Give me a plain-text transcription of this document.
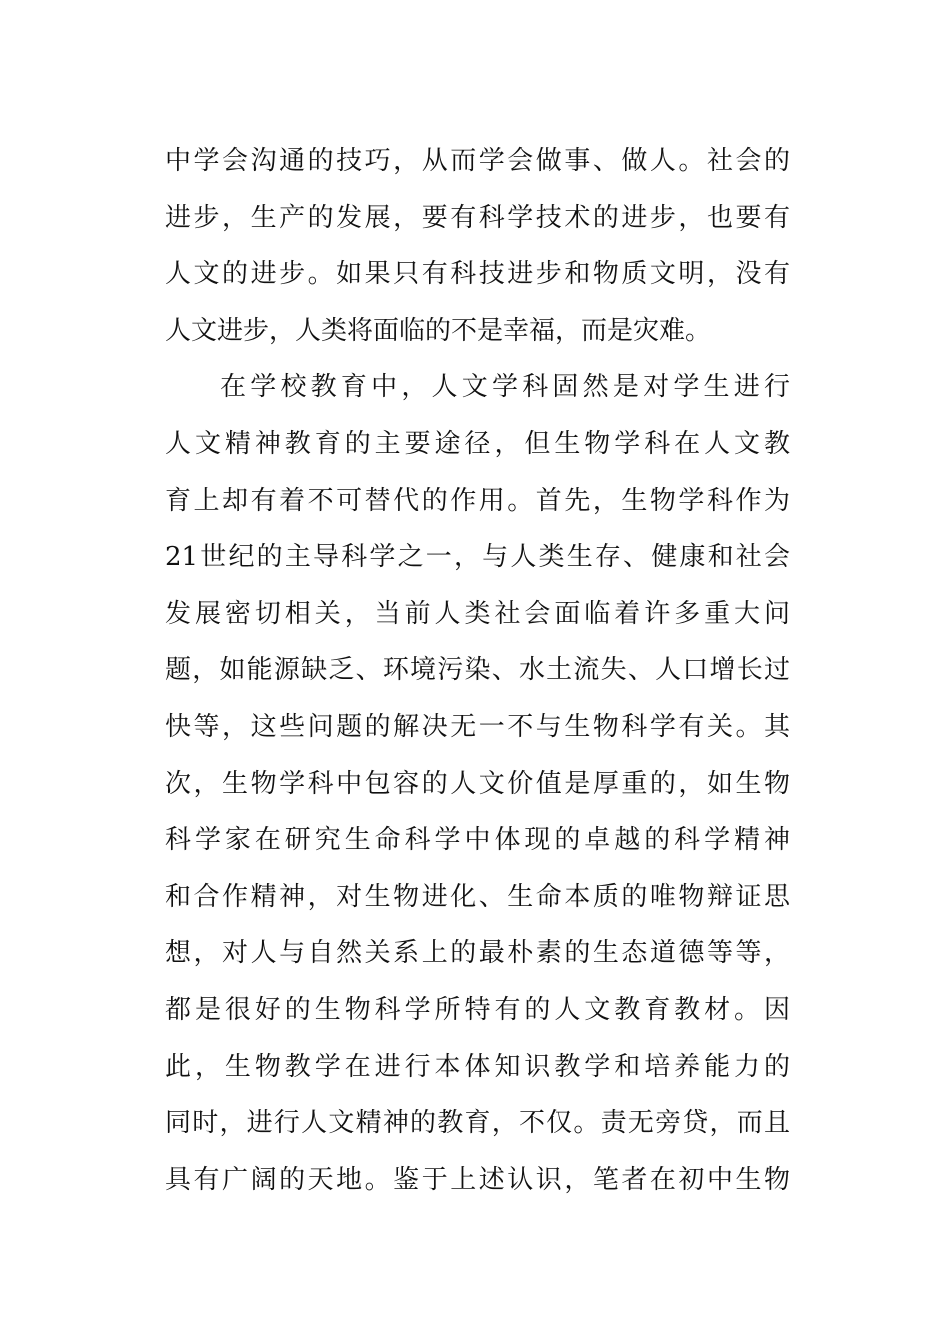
中学会沟通的技巧，从而学会做事、做人。社会的
进步，生产的发展，要有科学技术的进步，也要有
人文的进步。如果只有科技进步和物质文明，没有
人文进步，人类将面临的不是幸福，而是灾难。
在学校教育中，人文学科固然是对学生进行
人文精神教育的主要途径，但生物学科在人文教
育上却有着不可替代的作用。首先，生物学科作为
21世纪的主导科学之一，与人类生存、健康和社会
发展密切相关，当前人类社会面临着许多重大问
题，如能源缺乏、环境污染、水土流失、人口增长过
快等，这些问题的解决无一不与生物科学有关。其
次，生物学科中包容的人文价值是厚重的，如生物
科学家在研究生命科学中体现的卓越的科学精神
和合作精神，对生物进化、生命本质的唯物辩证思
想，对人与自然关系上的最朴素的生态道德等等，
都是很好的生物科学所特有的人文教育教材。因
此，生物教学在进行本体知识教学和培养能力的
同时，进行人文精神的教育，不仅。责无旁贷，而且
具有广阔的天地。鉴于上述认识，笔者在初中生物
